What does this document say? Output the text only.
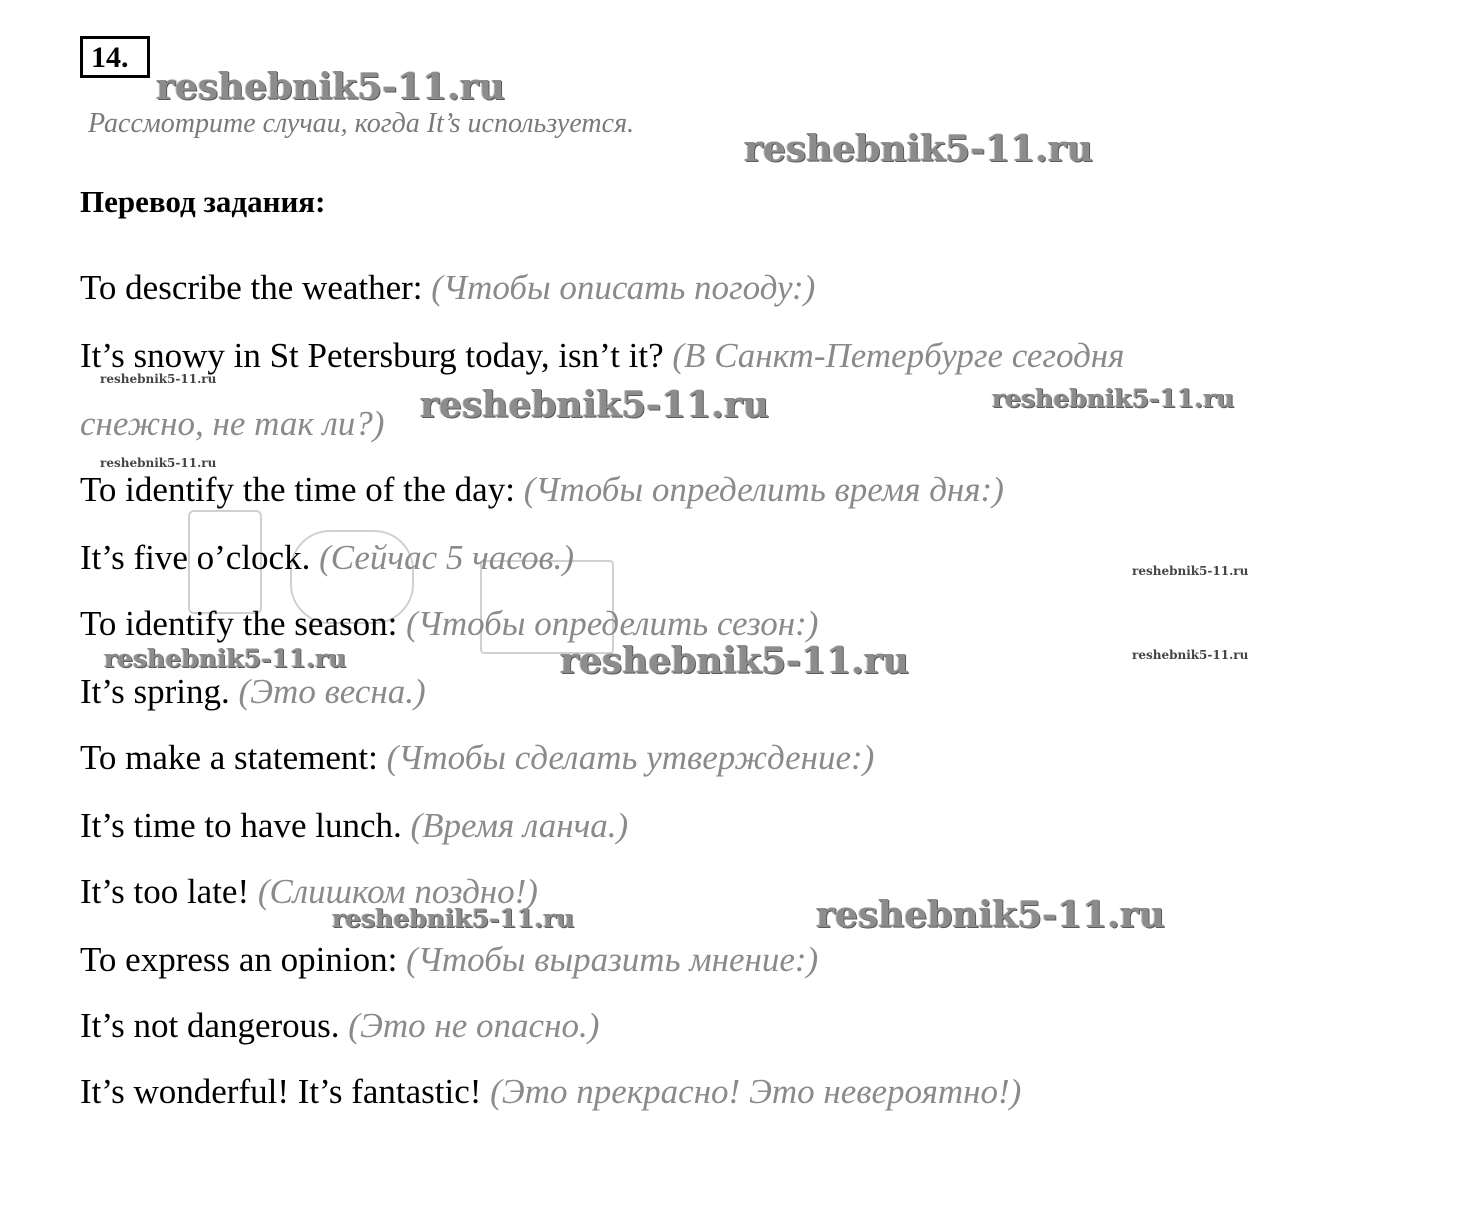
14.
reshebnik5-11.ru
Рассмотрите случаи, когда It’s используется.
reshebnik5-11.ru
Перевод задания:
To describe the weather: (Чтобы описать погоду:)
It’s snowy in St Petersburg today, isn’t it? (В Санкт-Петербурге сегодня
reshebnik5-11.ru
снежно, не так ли?) reshebnik5-11.ru	reshebnik5-11.ru
reshebnik5-11.ru
To identify the time of the day: (Чтобы определить время дня:)
It’s five o’clock. (Сейчас 5 часов.)	reshebnik5-11.ru
To identify the season: (Чтобы определить сезон:)
reshebnik5-11.ru	reshebnik5-11.ru	reshebnik5-11.ru
It’s spring. (Это весна.)
To make a statement: (Чтобы сделать утверждение:)
It’s time to have lunch. (Время ланча.)
It’s too late! (Слишком поздно!)
reshebnik5-11.ru	reshebnik5-11.ru
To express an opinion: (Чтобы выразить мнение:)
It’s not dangerous. (Это не опасно.)
It’s wonderful! It’s fantastic! (Это прекрасно! Это невероятно!)
